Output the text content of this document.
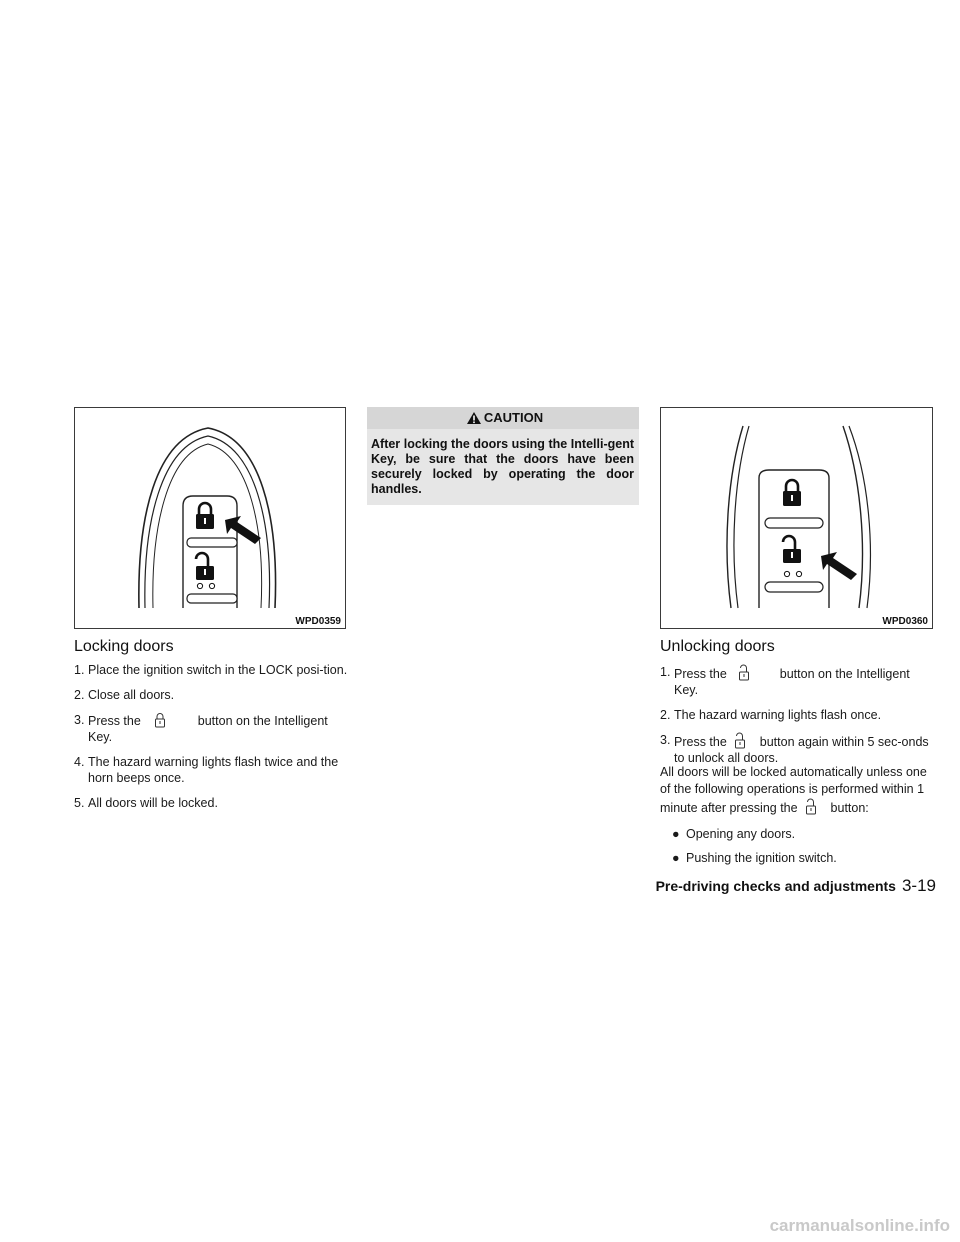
WPD0359
Locking doors
1. Place the ignition switch in the LOCK posi-tion.
2. Close all doors.
3. Press the	button on the Intelligent Key.
4. The hazard warning lights flash twice and the horn beeps once.
5. All doors will be locked.
CAUTION
After locking the doors using the Intelli-gent Key, be sure that the doors have been securely locked by operating the door handles.
WPD0360
Unlocking doors
1. Press the	button on the Intelligent Key.
2. The hazard warning lights flash once.
3. Press the	button again within 5 sec-onds to unlock all doors.
All doors will be locked automatically unless one of the following operations is performed within 1 minute after pressing the	button:
● Opening any doors.
● Pushing the ignition switch.
Pre-driving checks and adjustments 3-19
carmanualsonline.info
